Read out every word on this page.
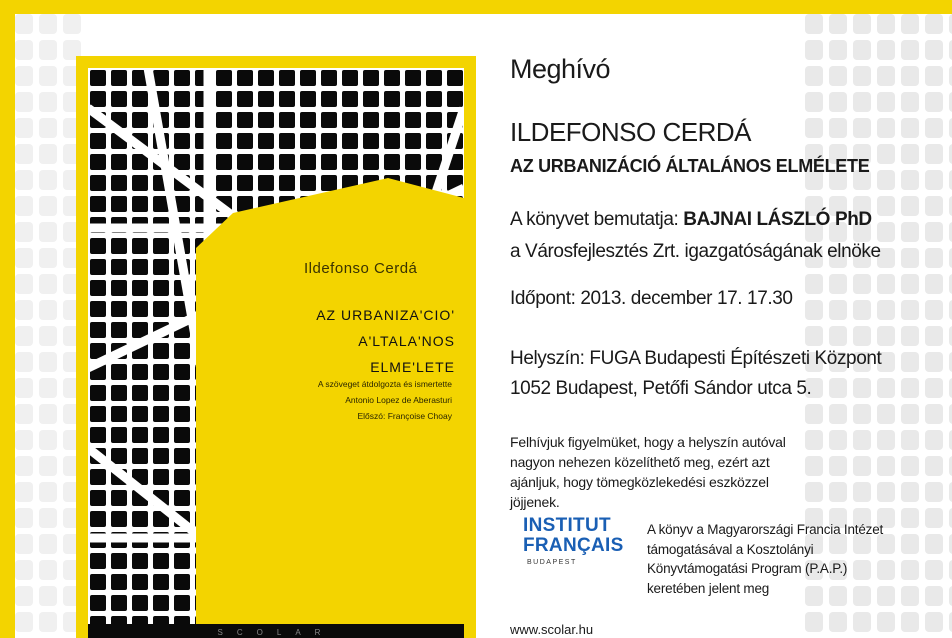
Ildefonso Cerdá
AZ URBANIZA'CIO'
A'LTALA'NOS ELME'LETE
A szöveget átdolgozta és ismertette
Antonio Lopez de Aberasturi
Előszó: Françoise Choay
SCOLAR
Meghívó
ILDEFONSO CERDÁ
AZ URBANIZÁCIÓ ÁLTALÁNOS ELMÉLETE
A könyvet bemutatja: BAJNAI LÁSZLÓ PhD
a Városfejlesztés Zrt. igazgatóságának elnöke
Időpont: 2013. december 17. 17.30
Helyszín: FUGA Budapesti Építészeti Központ
1052 Budapest, Petőfi Sándor utca 5.
Felhívjuk figyelmüket, hogy a helyszín autóval nagyon nehezen közelíthető meg, ezért azt ajánljuk, hogy tömegközlekedési eszközzel jöjjenek.
INSTITUT
FRANÇAIS
BUDAPEST
A könyv a Magyarországi Francia Intézet támogatásával a Kosztolányi Könyvtámogatási Program (P.A.P.) keretében jelent meg
www.scolar.hu
